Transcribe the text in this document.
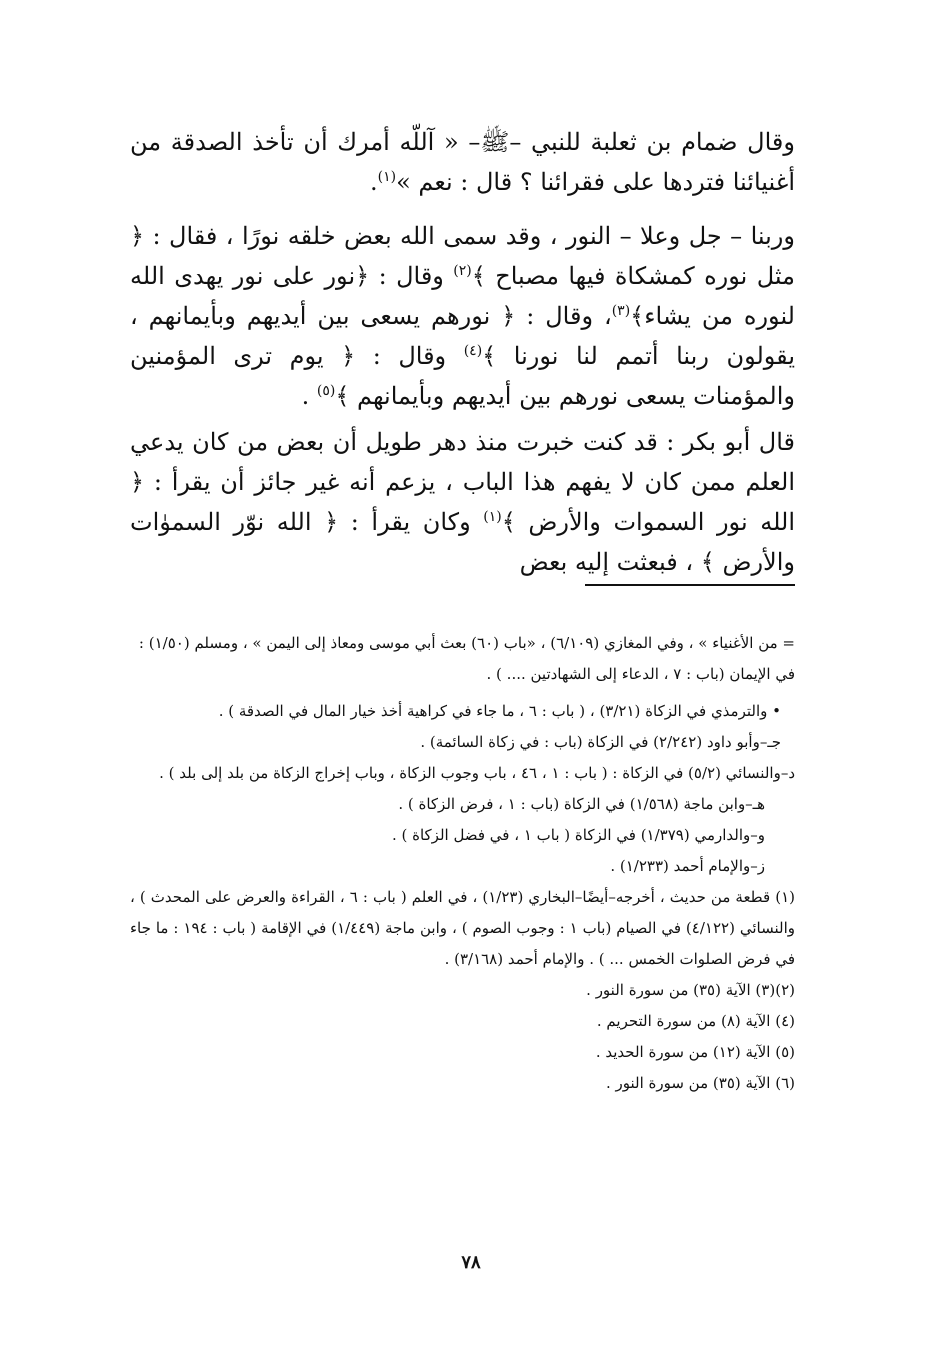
وقال ضمام بن ثعلبة للنبي –ﷺ– « آللّه أمرك أن تأخذ الصدقة من أغنيائنا فتردها على فقرائنا ؟ قال : نعم »$^{(١)}$.

وربنا – جل وعلا – النور ، وقد سمى الله بعض خلقه نورًا ، فقال : ﴿ مثل نوره كمشكاة فيها مصباح ﴾$^{(٢)}$ وقال : ﴿نور على نور يهدى الله لنوره من يشاء﴾$^{(٣)}$، وقال : ﴿ نورهم يسعى بين أيديهم وبأيمانهم ، يقولون ربنا أتمم لنا نورنا ﴾$^{(٤)}$ وقال : ﴿ يوم ترى المؤمنين والمؤمنات يسعى نورهم بين أيديهم وبأيمانهم ﴾$^{(٥)}$ .

قال أبو بكر : قد كنت خبرت منذ دهر طويل أن بعض من كان يدعي العلم ممن كان لا يفهم هذا الباب ، يزعم أنه غير جائز أن يقرأ : ﴿ الله نور السموات والأرض ﴾$^{(١)}$ وكان يقرأ : ﴿ الله نوّر السموٰات والأرض ﴾ ، فبعثت إليه بعض

= من الأغنياء » ، وفي المغازي (٦/١٠٩) ، «باب (٦٠) بعث أبي موسى ومعاذ إلى اليمن » ، ومسلم (١/٥٠) :

في الإيمان (باب : ٧ ، الدعاء إلى الشهادتين .... ) .

• والترمذي في الزكاة (٣/٢١) ، ( باب : ٦ ، ما جاء في كراهية أخذ خيار المال في الصدقة ) .

جـ–وأبو داود (٢/٢٤٢) في الزكاة (باب : في زكاة السائمة) .

د–والنسائي (٥/٢) في الزكاة : ( باب : ١ ، ٤٦ ، باب وجوب الزكاة ، وباب إخراج الزكاة من بلد إلى بلد ) .

هـ–وابن ماجة (١/٥٦٨) في الزكاة (باب : ١ ، فرض الزكاة ) .

و–والدارمي (١/٣٧٩) في الزكاة ( باب ١ ، في فضل الزكاة ) .

ز–والإمام أحمد (١/٢٣٣) .

(١) قطعة من حديث ، أخرجه–أيضًا–البخاري (١/٢٣) ، في العلم ( باب : ٦ ، القراءة والعرض على المحدث ) ، والنسائي (٤/١٢٢) في الصيام (باب ١ : وجوب الصوم ) ، وابن ماجة (١/٤٤٩) في الإقامة ( باب : ١٩٤ : ما جاء في فرض الصلوات الخمس ... ) . والإمام أحمد (٣/١٦٨) .

(٢)(٣) الآية (٣٥) من سورة النور .

(٤) الآية (٨) من سورة التحريم .

(٥) الآية (١٢) من سورة الحديد .

(٦) الآية (٣٥) من سورة النور .

٧٨
